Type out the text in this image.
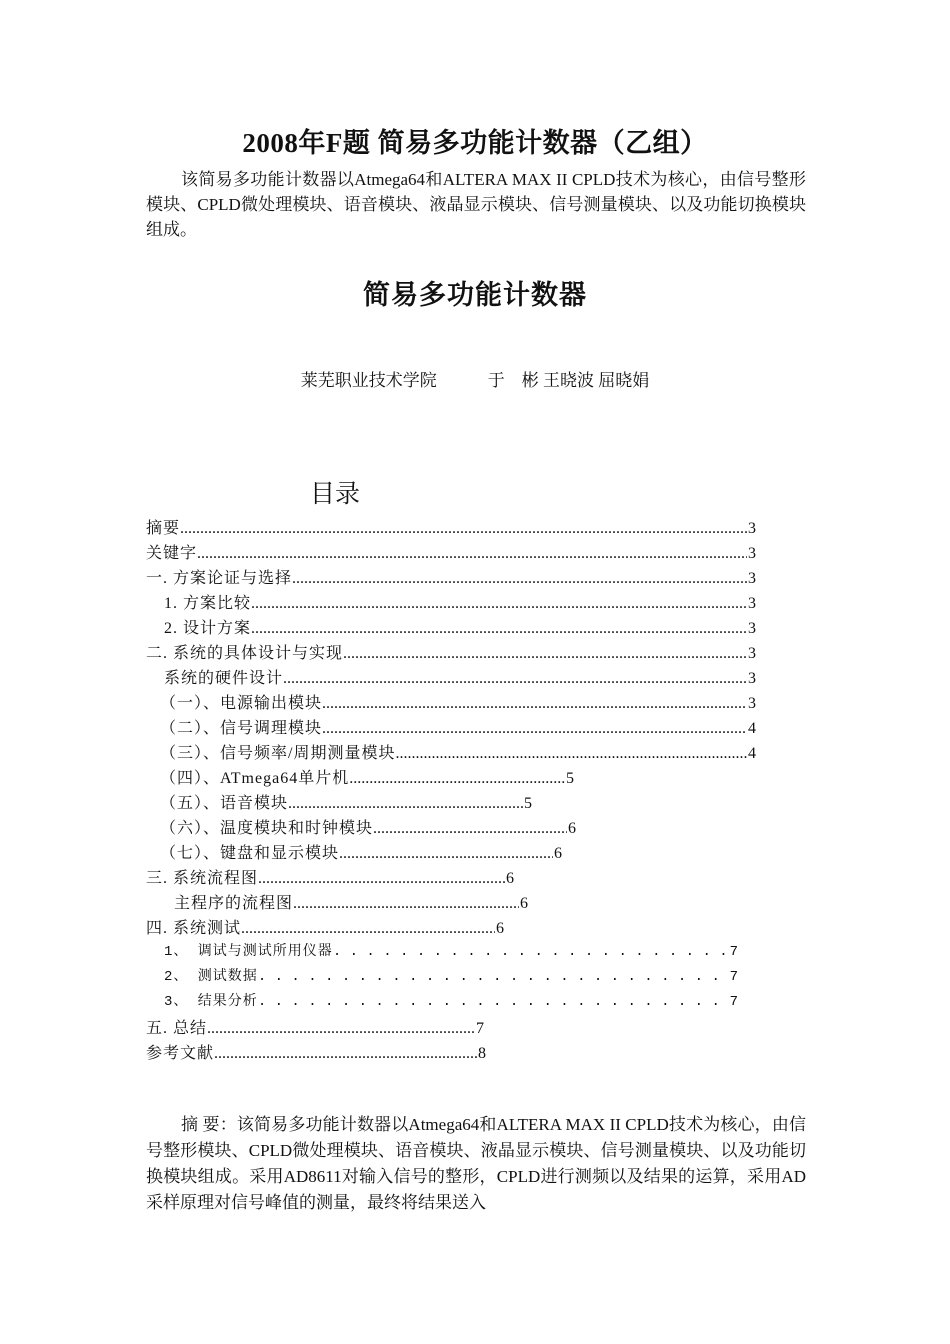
2008年F题 简易多功能计数器（乙组）
该简易多功能计数器以Atmega64和ALTERA MAX II CPLD技术为核心，由信号整形模块、CPLD微处理模块、语音模块、液晶显示模块、信号测量模块、以及功能切换模块组成。
简易多功能计数器
莱芜职业技术学院　　　于　彬 王晓波 屈晓娟
目录
摘要 .....	3
关键字 .....	3
一. 方案论证与选择 .....	3
1. 方案比较 .....	3
2. 设计方案 .....	3
二. 系统的具体设计与实现 .....	3
系统的硬件设计 .....	3
（一）、电源输出模块 .....	3
（二）、信号调理模块 .....	4
（三）、信号频率/周期测量模块 .....	4
（四）、ATmega64单片机 .....	5
（五）、语音模块 .....	5
（六）、温度模块和时钟模块 .....	6
（七）、键盘和显示模块 .....	6
三. 系统流程图 .....	6
主程序的流程图 .....	6
四. 系统测试 .....	6
1、 调试与测试所用仪器 . . .	7
2、 测试数据 . . .	7
3、 结果分析 . . .	7
五. 总结 .....	7
参考文献 .....	8
摘 要：该简易多功能计数器以Atmega64和ALTERA MAX II CPLD技术为核心，由信号整形模块、CPLD微处理模块、语音模块、液晶显示模块、信号测量模块、以及功能切换模块组成。采用AD8611对输入信号的整形，CPLD进行测频以及结果的运算，采用AD采样原理对信号峰值的测量，最终将结果送入
